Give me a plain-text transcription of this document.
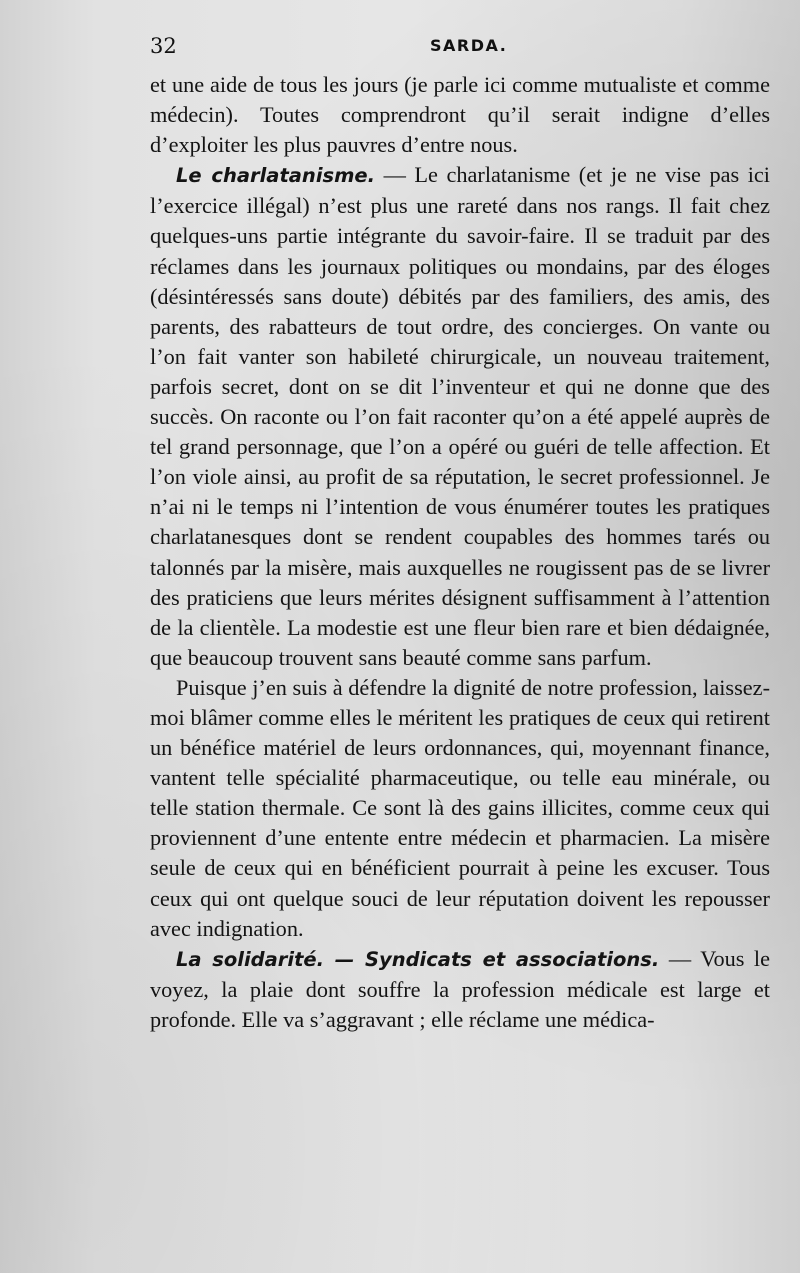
32	SARDA.

et une aide de tous les jours (je parle ici comme mutualiste et comme médecin). Toutes comprendront qu’il serait indigne d’elles d’exploiter les plus pauvres d’entre nous.

Le charlatanisme. — Le charlatanisme (et je ne vise pas ici l’exercice illégal) n’est plus une rareté dans nos rangs. Il fait chez quelques-uns partie intégrante du savoir-faire. Il se traduit par des réclames dans les journaux politiques ou mondains, par des éloges (désintéressés sans doute) débités par des familiers, des amis, des parents, des rabatteurs de tout ordre, des concierges. On vante ou l’on fait vanter son habileté chirurgicale, un nouveau traitement, parfois secret, dont on se dit l’inventeur et qui ne donne que des succès. On raconte ou l’on fait raconter qu’on a été appelé auprès de tel grand personnage, que l’on a opéré ou guéri de telle affection. Et l’on viole ainsi, au profit de sa réputation, le secret professionnel. Je n’ai ni le temps ni l’intention de vous énumérer toutes les pratiques charlatanesques dont se rendent coupables des hommes tarés ou talonnés par la misère, mais auxquelles ne rougissent pas de se livrer des praticiens que leurs mérites désignent suffisamment à l’attention de la clientèle. La modestie est une fleur bien rare et bien dédaignée, que beaucoup trouvent sans beauté comme sans parfum.

Puisque j’en suis à défendre la dignité de notre profession, laissez-moi blâmer comme elles le méritent les pratiques de ceux qui retirent un bénéfice matériel de leurs ordonnances, qui, moyennant finance, vantent telle spécialité pharmaceutique, ou telle eau minérale, ou telle station thermale. Ce sont là des gains illicites, comme ceux qui proviennent d’une entente entre médecin et pharmacien. La misère seule de ceux qui en bénéficient pourrait à peine les excuser. Tous ceux qui ont quelque souci de leur réputation doivent les repousser avec indignation.

La solidarité. — Syndicats et associations. — Vous le voyez, la plaie dont souffre la profession médicale est large et profonde. Elle va s’aggravant ; elle réclame une médica-
